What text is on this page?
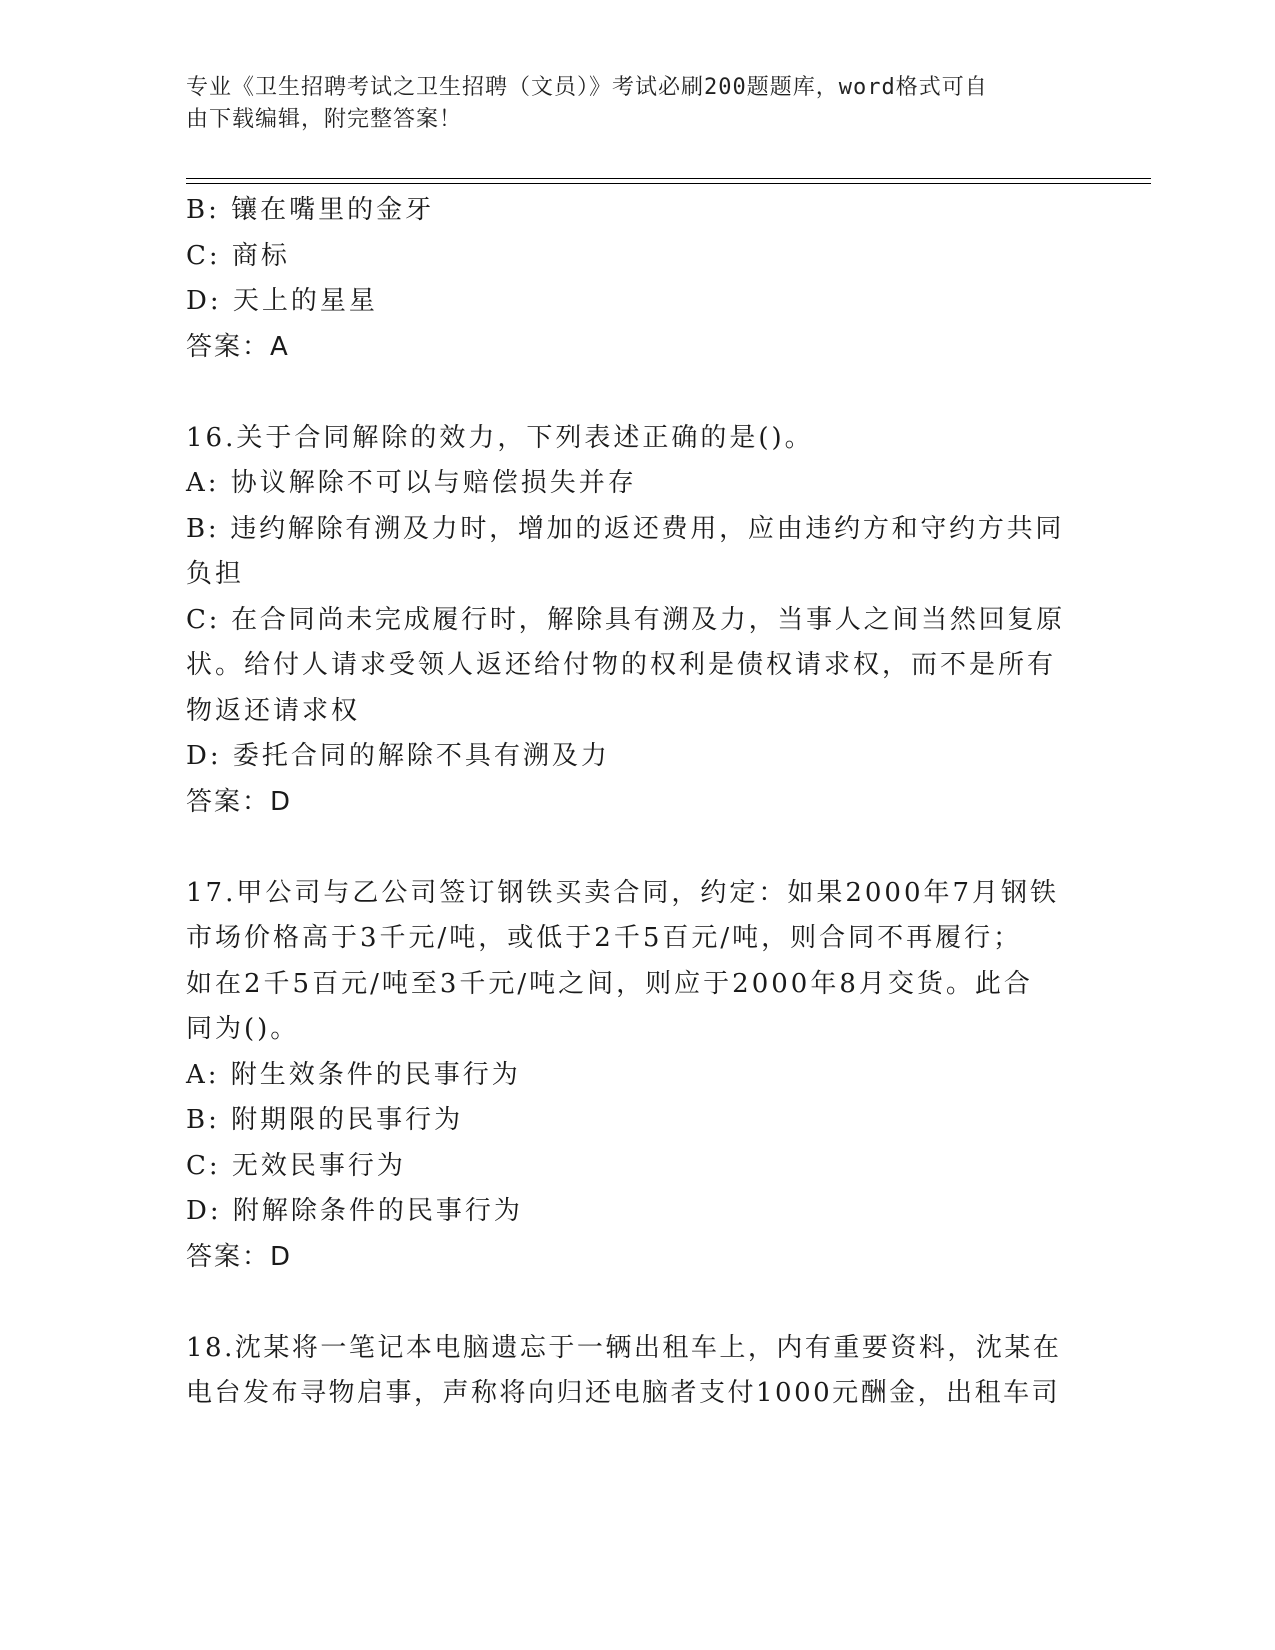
专业《卫生招聘考试之卫生招聘（文员）》考试必刷200题题库，word格式可自
由下载编辑，附完整答案！
B: 镶在嘴里的金牙
C: 商标
D: 天上的星星
答案：A
16.关于合同解除的效力，下列表述正确的是()。
A: 协议解除不可以与赔偿损失并存
B: 违约解除有溯及力时，增加的返还费用，应由违约方和守约方共同
负担
C: 在合同尚未完成履行时，解除具有溯及力，当事人之间当然回复原
状。给付人请求受领人返还给付物的权利是债权请求权，而不是所有
物返还请求权
D: 委托合同的解除不具有溯及力
答案：D
17.甲公司与乙公司签订钢铁买卖合同，约定：如果2000年7月钢铁
市场价格高于3千元/吨，或低于2千5百元/吨，则合同不再履行；
如在2千5百元/吨至3千元/吨之间，则应于2000年8月交货。此合
同为()。
A: 附生效条件的民事行为
B: 附期限的民事行为
C: 无效民事行为
D: 附解除条件的民事行为
答案：D
18.沈某将一笔记本电脑遗忘于一辆出租车上，内有重要资料，沈某在
电台发布寻物启事，声称将向归还电脑者支付1000元酬金，出租车司
